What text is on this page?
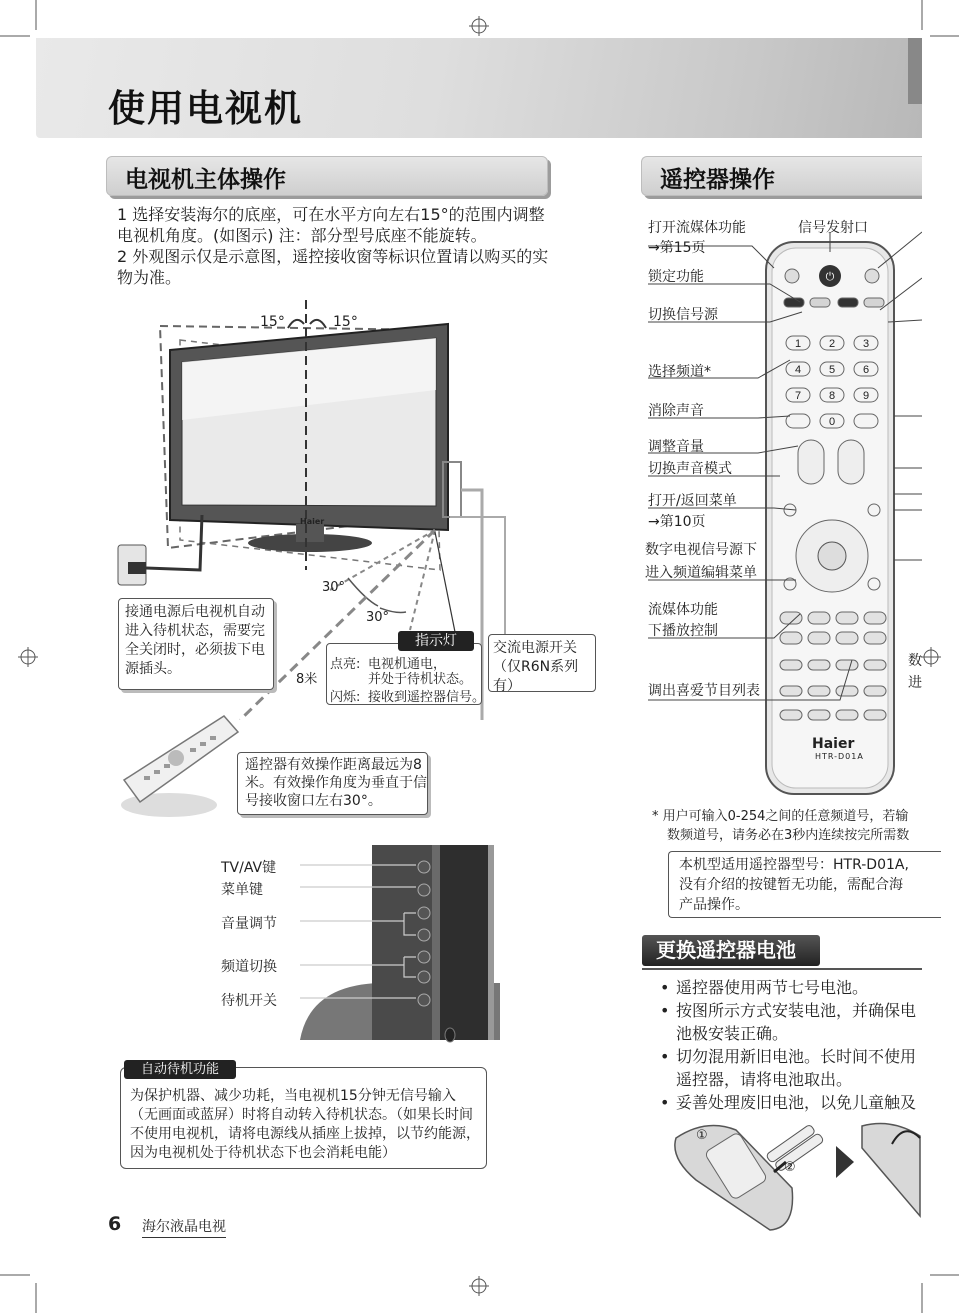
使用电视机
电视机主体操作

1 选择安装海尔的底座，可在水平方向左右15°的范围内调整电视机角度。(如图示) 注：部分型号底座不能旋转。

2 外观图示仅是示意图，遥控接收窗等标识位置请以购买的实物为准。

15°	15°
30°
30°
8米
Haier
接通电源后电视机自动进入待机状态，需要完全关闭时，必须拔下电源插头。
指示灯
点亮: 电视机通电，
并处于待机状态。
闪烁: 接收到遥控器信号。
交流电源开关
（仅R6N系列有）
遥控器有效操作距离最远为8米。有效操作角度为垂直于信号接收窗口左右30°。
TV/AV键
菜单键
音量调节
频道切换
待机开关
自动待机功能
为保护机器、减少功耗，当电视机15分钟无信号输入（无画面或蓝屏）时将自动转入待机状态。（如果长时间不使用电视机，请将电源线从插座上拔掉，以节约能源，因为电视机处于待机状态下也会消耗电能）
遥控器操作
⏻
1	2	3
4	5	6
7	8	9
0
Haier
HTR-D01A
打开流媒体功能
→第15页
信号发射口
锁定功能
切换信号源
选择频道*
消除声音
调整音量
切换声音模式
打开/返回菜单
→第10页
数字电视信号源下
进入频道编辑菜单
流媒体功能
下播放控制
调出喜爱节目列表
数
进
* 用户可输入0-254之间的任意频道号，若输
数频道号，请务必在3秒内连续按完所需数
本机型适用遥控器型号：HTR-D01A,
没有介绍的按键暂无功能，需配合海
产品操作。
更换遥控器电池
• 遥控器使用两节七号电池。
• 按图所示方式安装电池，并确保电池极安装正确。
• 切勿混用新旧电池。长时间不使用遥控器，请将电池取出。
• 妥善处理废旧电池，以免儿童触及
①
②
6 海尔液晶电视
